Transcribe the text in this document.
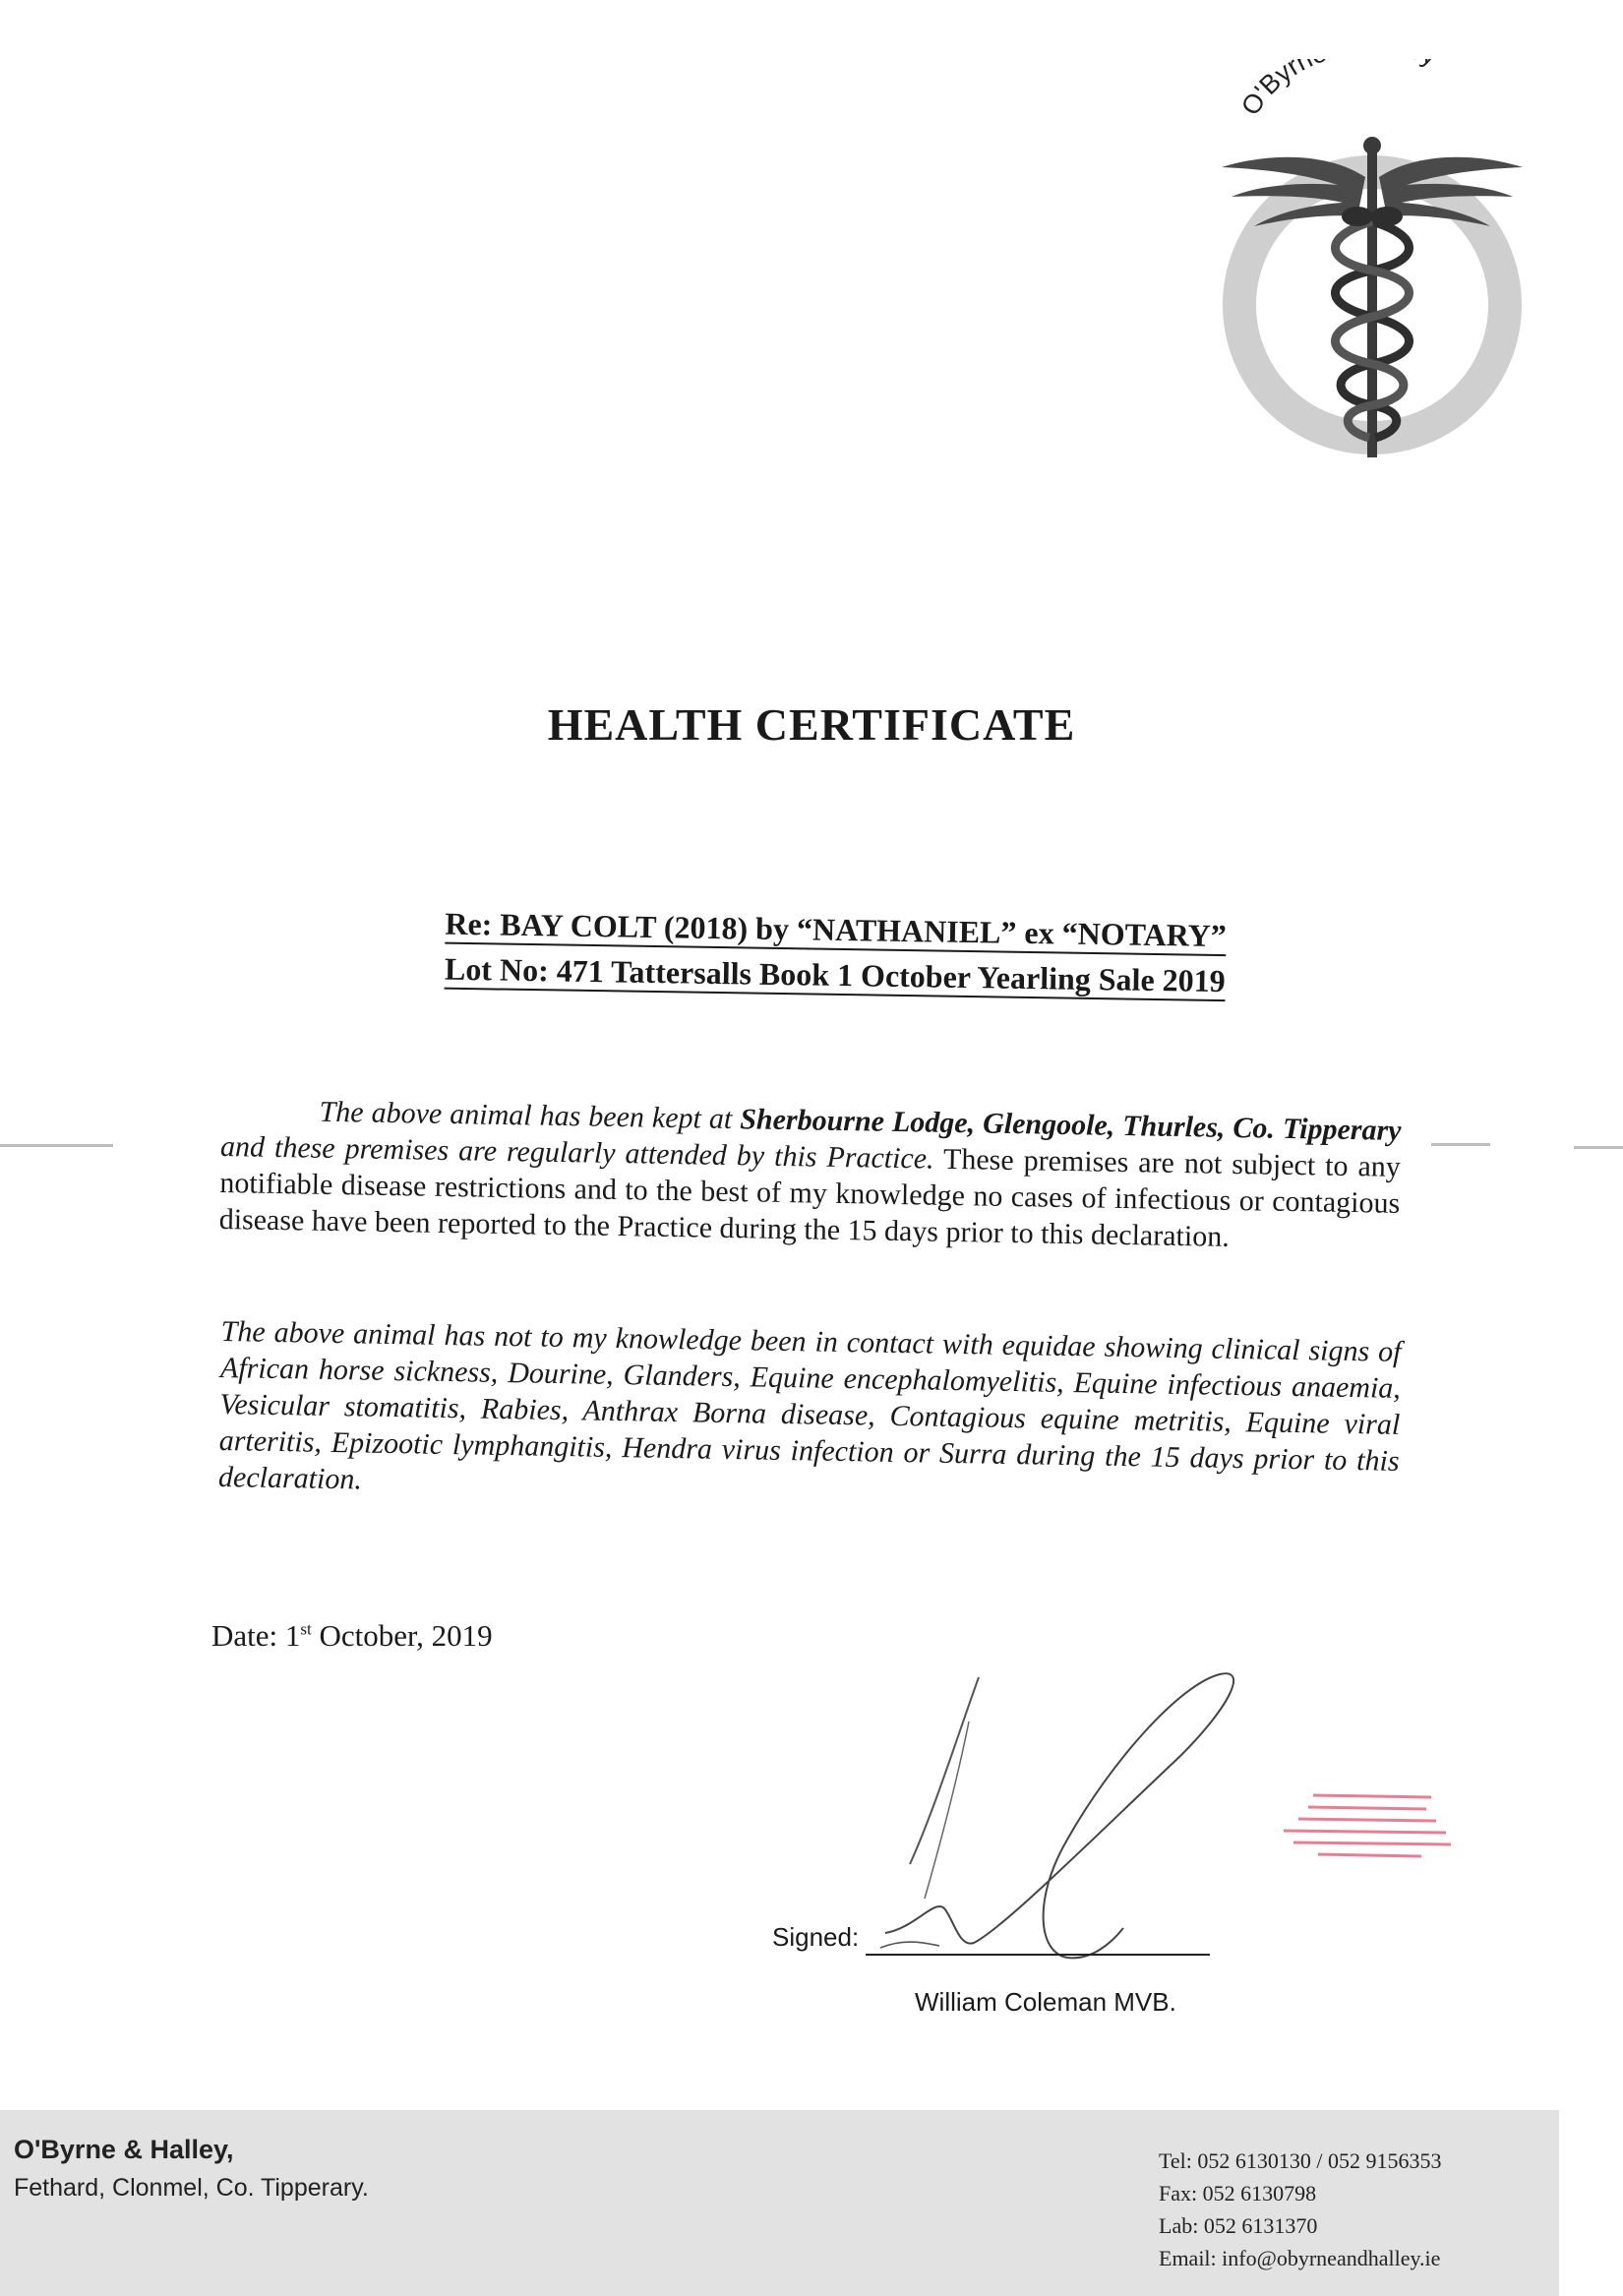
O'Byrn
HEALTH CERTIFICATE
Re: BAY COLT (2018) by “NATHANIEL” ex “NOTARY”
Lot No: 471 Tattersalls Book 1 October Yearling Sale 2019
The above animal has been kept at Sherbourne Lodge, Glengoole, Thurles, Co. Tipperary and these premises are regularly attended by this Practice. These premises are not subject to any notifiable disease restrictions and to the best of my knowledge no cases of infectious or contagious disease have been reported to the Practice during the 15 days prior to this declaration.
The above animal has not to my knowledge been in contact with equidae showing clinical signs of African horse sickness, Dourine, Glanders, Equine encephalomyelitis, Equine infectious anaemia, Vesicular stomatitis, Rabies, Anthrax Borna disease, Contagious equine metritis, Equine viral arteritis, Epizootic lymphangitis, Hendra virus infection or Surra during the 15 days prior to this declaration.
Date: 1st October, 2019
Signed:
William Coleman MVB.
O'Byrne & Halley,
Fethard, Clonmel, Co. Tipperary.
Tel: 052 6130130 / 052 9156353
Fax: 052 6130798
Lab: 052 6131370
Email: info@obyrneandhalley.ie
